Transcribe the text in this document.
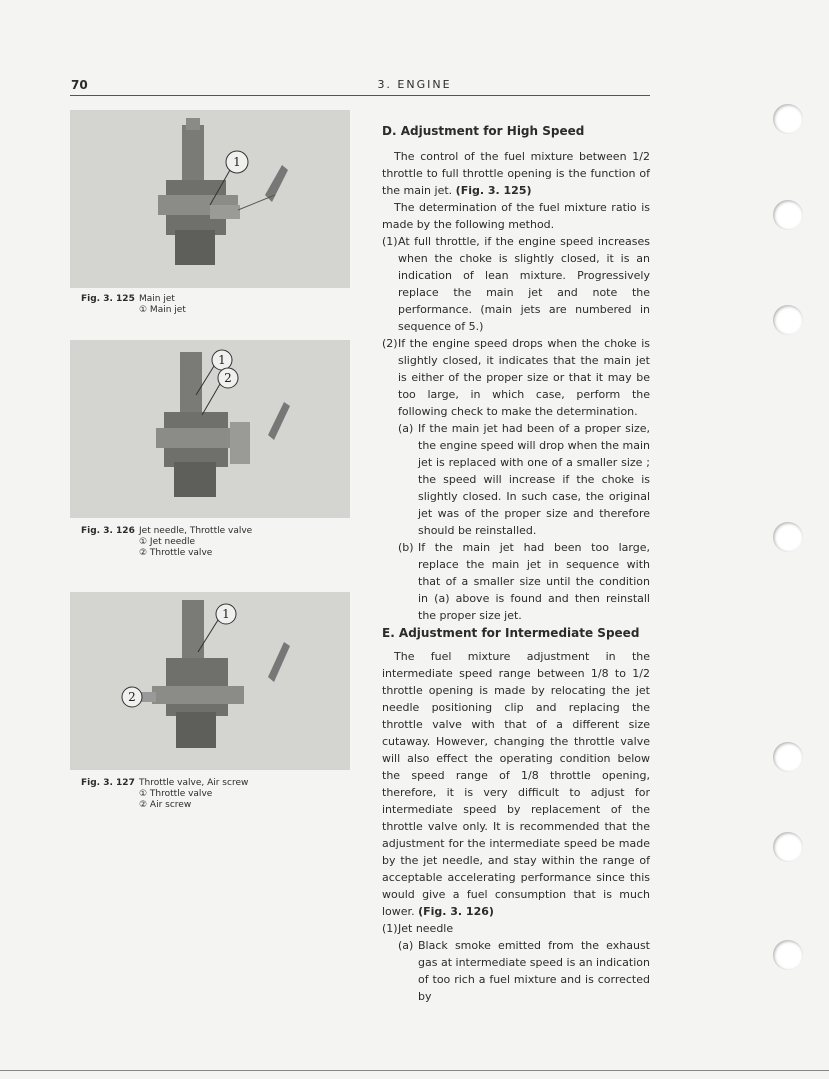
70	3. ENGINE
1
Fig. 3. 125 Main jet
① Main jet
1
2
Fig. 3. 126 Jet needle, Throttle valve
① Jet needle
② Throttle valve
1
2
Fig. 3. 127 Throttle valve, Air screw
① Throttle valve
② Air screw
D. Adjustment for High Speed

The control of the fuel mixture between 1/2 throttle to full throttle opening is the function of the main jet. (Fig. 3. 125)

The determination of the fuel mixture ratio is made by the following method.

(1) At full throttle, if the engine speed increases when the choke is slightly closed, it is an indication of lean mixture. Progressively replace the main jet and note the performance. (main jets are numbered in sequence of 5.)
(2) If the engine speed drops when the choke is slightly closed, it indicates that the main jet is either of the proper size or that it may be too large, in which case, perform the following check to make the determination.
(a) If the main jet had been of a proper size, the engine speed will drop when the main jet is replaced with one of a smaller size ; the speed will increase if the choke is slightly closed. In such case, the original jet was of the proper size and therefore should be reinstalled.
(b) If the main jet had been too large, replace the main jet in sequence with that of a smaller size until the condition in (a) above is found and then reinstall the proper size jet.
E. Adjustment for Intermediate Speed

The fuel mixture adjustment in the intermediate speed range between 1/8 to 1/2 throttle opening is made by relocating the jet needle positioning clip and replacing the throttle valve with that of a different size cutaway. However, changing the throttle valve will also effect the operating condition below the speed range of 1/8 throttle opening, therefore, it is very difficult to adjust for intermediate speed by replacement of the throttle valve only. It is recommended that the adjustment for the intermediate speed be made by the jet needle, and stay within the range of acceptable accelerating performance since this would give a fuel consumption that is much lower. (Fig. 3. 126)

(1) Jet needle
(a) Black smoke emitted from the exhaust gas at intermediate speed is an indication of too rich a fuel mixture and is corrected by
